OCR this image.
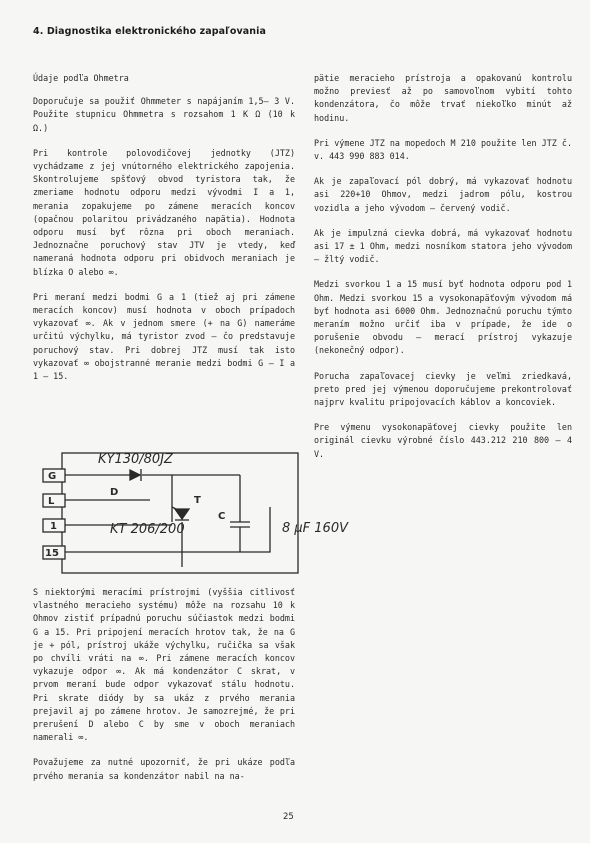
4. Diagnostika elektronického zapaľovania

Údaje podľa Ohmetra

Doporučuje sa použiť Ohmmeter s napájaním 1,5— 3 V. Použite stupnicu Ohmmetra s rozsahom 1 K Ω (10 k Ω.)

Pri kontrole polovodičovej jednotky (JTZ) vychádzame z jej vnútorného elektrického zapojenia. Skontrolujeme spšťový obvod tyristora tak, že zmeriame hodnotu odporu medzi vývodmi I a 1, merania zopakujeme po zámene meracích koncov (opačnou polaritou privádzaného napätia). Hodnota odporu musí byť rôzna pri oboch meraniach. Jednoznačne poruchový stav JTV je vtedy, keď nameraná hodnota odporu pri obidvoch meraniach je blízka O alebo ∞.

Pri meraní medzi bodmi G a 1 (tiež aj pri zámene meracích koncov) musí hodnota v oboch prípadoch vykazovať ∞. Ak v jednom smere (+ na G) nameráme určitú výchylku, má tyristor zvod — čo predstavuje poruchový stav. Pri dobrej JTZ musí tak isto vykazovať ∞ obojstranné meranie medzi bodmi G — I a 1 — 15.

G
L
1
15
D
T
C
KY130/80JZ
KT 206/200	8 μF 160V

S niektorými meracími prístrojmi (vyššia citlivosť vlastného meracieho systému) môže na rozsahu 10 k Ohmov zistiť prípadnú poruchu súčiastok medzi bodmi G a 15. Pri pripojení meracích hrotov tak, že na G je + pól, prístroj ukáže výchylku, ručička sa však po chvíli vráti na ∞. Pri zámene meracích koncov vykazuje odpor ∞. Ak má kondenzátor C skrat, v prvom meraní bude odpor vykazovať stálu hodnotu. Pri skrate diódy by sa ukáz z prvého merania prejavil aj po zámene hrotov. Je samozrejmé, že pri prerušení D alebo C by sme v oboch meraniach namerali ∞.

Považujeme za nutné upozorniť, že pri ukáze podľa prvého merania sa kondenzátor nabil na na-

pätie meracieho prístroja a opakovanú kontrolu možno previesť až po samovoľnom vybití tohto kondenzátora, čo môže trvať niekoľko minút až hodinu.

Pri výmene JTZ na mopedoch M 210 použite len JTZ č. v. 443 990 883 014.

Ak je zapaľovací pól dobrý, má vykazovať hodnotu asi 220+10 Ohmov, medzi jadrom pólu, kostrou vozidla a jeho vývodom — červený vodič.

Ak je impulzná cievka dobrá, má vykazovať hodnotu asi 17 ± 1 Ohm, medzi nosníkom statora jeho vývodom — žltý vodič.

Medzi svorkou 1 a 15 musí byť hodnota odporu pod 1 Ohm. Medzi svorkou 15 a vysokonapäťovým vývodom má byť hodnota asi 6000 Ohm. Jednoznačnú poruchu týmto meraním možno určiť iba v prípade, že ide o porušenie obvodu — merací prístroj vykazuje (nekonečný odpor).

Porucha zapaľovacej cievky je veľmi zriedkavá, preto pred jej výmenou doporučujeme prekontrolovať najprv kvalitu pripojovacích káblov a koncoviek.

Pre výmenu vysokonapäťovej cievky použite len originál cievku výrobné číslo 443.212 210 800 — 4 V.

25
